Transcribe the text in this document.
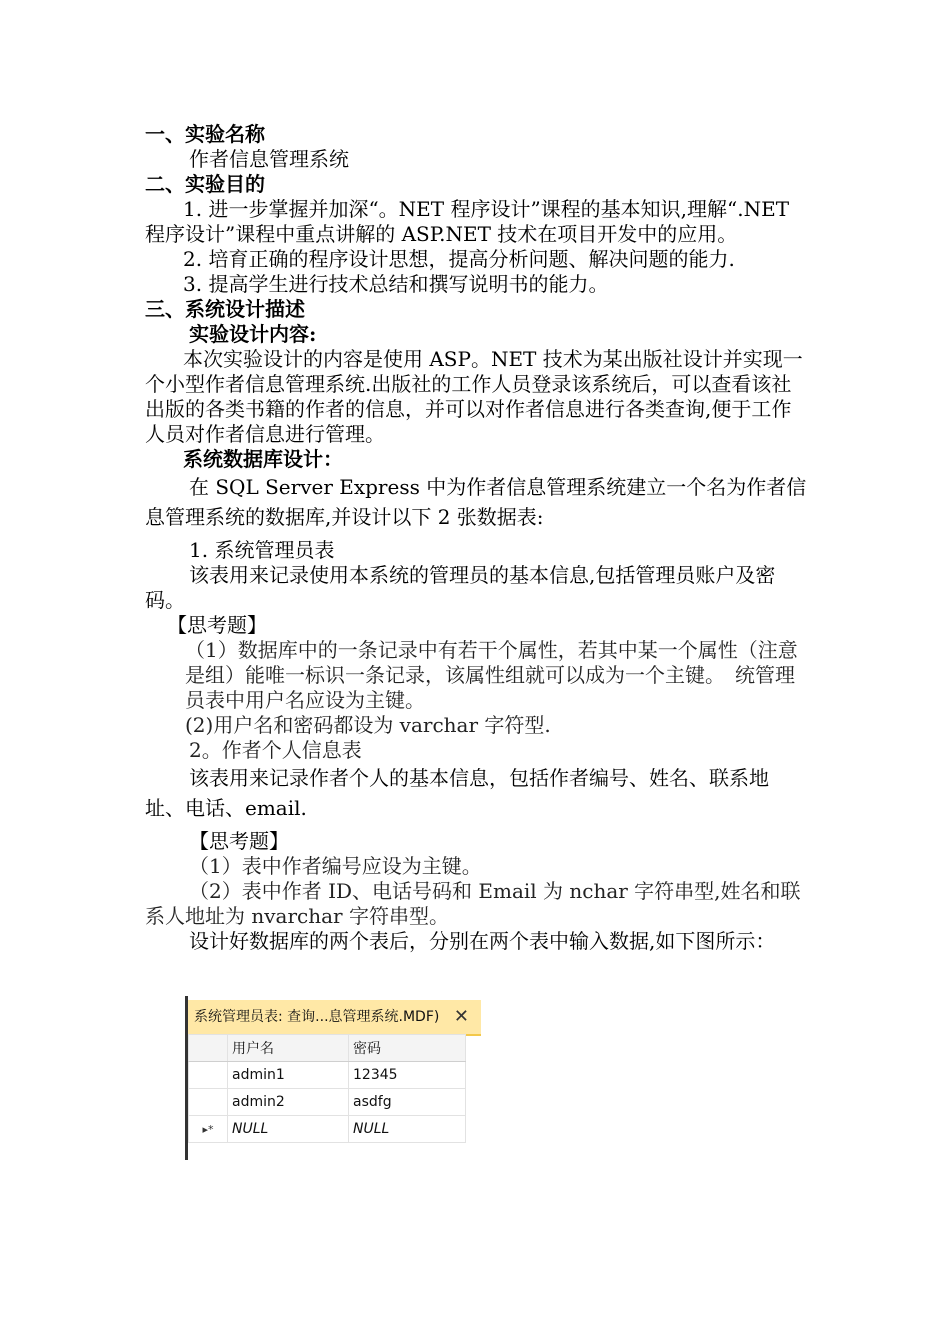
一、实验名称
作者信息管理系统
二、实验目的
1. 进一步掌握并加深“。NET 程序设计”课程的基本知识,理解“.NET 程序设计”课程中重点讲解的 ASP.NET 技术在项目开发中的应用。
2. 培育正确的程序设计思想，提高分析问题、解决问题的能力.
3. 提高学生进行技术总结和撰写说明书的能力。
三、系统设计描述
实验设计内容:
本次实验设计的内容是使用 ASP。NET 技术为某出版社设计并实现一个小型作者信息管理系统.出版社的工作人员登录该系统后，可以查看该社出版的各类书籍的作者的信息，并可以对作者信息进行各类查询,便于工作人员对作者信息进行管理。
系统数据库设计：
在 SQL Server Express 中为作者信息管理系统建立一个名为作者信息管理系统的数据库,并设计以下 2 张数据表:
1. 系统管理员表
该表用来记录使用本系统的管理员的基本信息,包括管理员账户及密码。
【思考题】
（1）数据库中的一条记录中有若干个属性，若其中某一个属性（注意是组）能唯一标识一条记录，该属性组就可以成为一个主键。　统管理员表中用户名应设为主键。
(2)用户名和密码都设为 varchar 字符型.
2。作者个人信息表
该表用来记录作者个人的基本信息，包括作者编号、姓名、联系地址、电话、email.
【思考题】
（1）表中作者编号应设为主键。
（2）表中作者 ID、电话号码和 Email 为 nchar 字符串型,姓名和联系人地址为 nvarchar 字符串型。
设计好数据库的两个表后，分别在两个表中输入数据,如下图所示：
系统管理员表: 查询...息管理系统.MDF) ✕
	用户名	密码
	admin1	12345
	admin2	asdfg
▸*	NULL	NULL
